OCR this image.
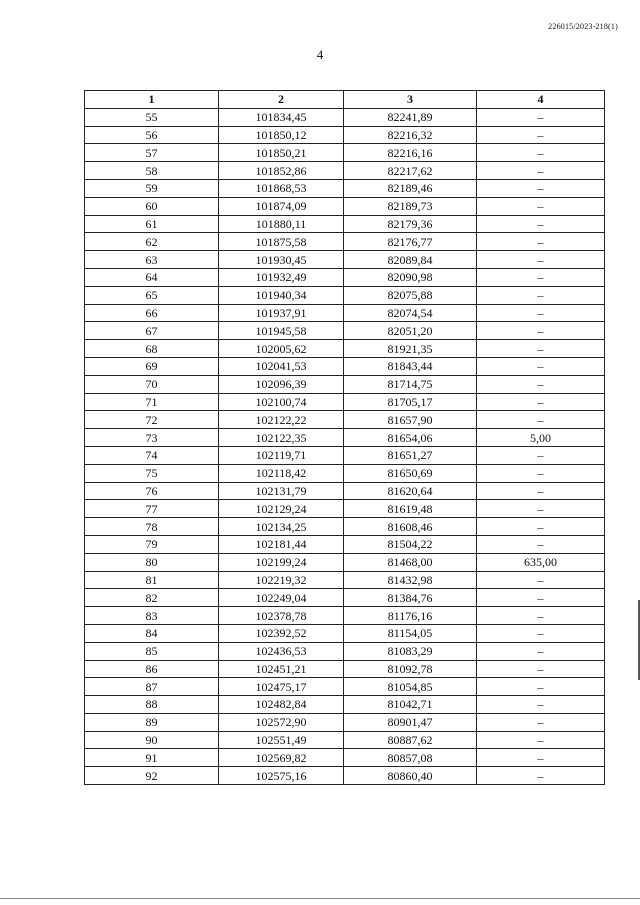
226015/2023-218(1)
4
1	2	3	4
55	101834,45	82241,89	–
56	101850,12	82216,32	–
57	101850,21	82216,16	–
58	101852,86	82217,62	–
59	101868,53	82189,46	–
60	101874,09	82189,73	–
61	101880,11	82179,36	–
62	101875,58	82176,77	–
63	101930,45	82089,84	–
64	101932,49	82090,98	–
65	101940,34	82075,88	–
66	101937,91	82074,54	–
67	101945,58	82051,20	–
68	102005,62	81921,35	–
69	102041,53	81843,44	–
70	102096,39	81714,75	–
71	102100,74	81705,17	–
72	102122,22	81657,90	–
73	102122,35	81654,06	5,00
74	102119,71	81651,27	–
75	102118,42	81650,69	–
76	102131,79	81620,64	–
77	102129,24	81619,48	–
78	102134,25	81608,46	–
79	102181,44	81504,22	–
80	102199,24	81468,00	635,00
81	102219,32	81432,98	–
82	102249,04	81384,76	–
83	102378,78	81176,16	–
84	102392,52	81154,05	–
85	102436,53	81083,29	–
86	102451,21	81092,78	–
87	102475,17	81054,85	–
88	102482,84	81042,71	–
89	102572,90	80901,47	–
90	102551,49	80887,62	–
91	102569,82	80857,08	–
92	102575,16	80860,40	–
